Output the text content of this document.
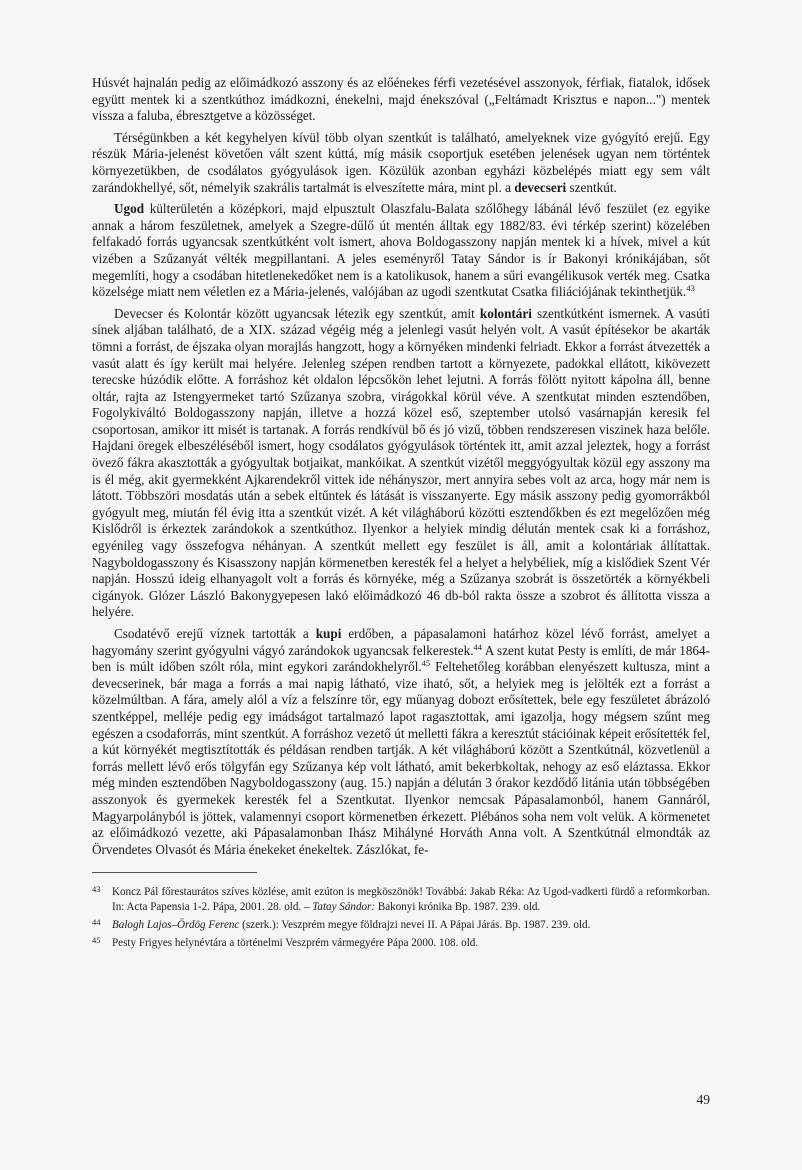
Húsvét hajnalán pedig az előimádkozó asszony és az előénekes férfi vezetésével asszonyok, férfiak, fiatalok, idősek együtt mentek ki a szentkúthoz imádkozni, énekelni, majd énekszóval („Feltámadt Krisztus e napon...") mentek vissza a faluba, ébresztgetve a közösséget.

Térségünkben a két kegyhelyen kívül több olyan szentkút is található, amelyeknek vize gyógyító erejű. Egy részük Mária-jelenést követően vált szent kúttá, míg másik csoportjuk esetében jelenések ugyan nem történtek környezetükben, de csodálatos gyógyulások igen. Közülük azonban egyházi közbelépés miatt egy sem vált zarándokhellyé, sőt, némelyik szakrális tartalmát is elveszítette mára, mint pl. a devecseri szentkút.

Ugod külterületén a középkori, majd elpusztult Olaszfalu-Balata szőlőhegy lábánál lévő feszület (ez egyike annak a három feszületnek, amelyek a Szegre-dűlő út mentén álltak egy 1882/83. évi térkép szerint) közelében felfakadó forrás ugyancsak szentkútként volt ismert, ahova Boldogasszony napján mentek ki a hívek, mivel a kút vizében a Szűzanyát vélték megpillantani. A jeles eseményről Tatay Sándor is ír Bakonyi krónikájában, sőt megemlíti, hogy a csodában hitetlenekedőket nem is a katolikusok, hanem a sűri evangélikusok verték meg. Csatka közelsége miatt nem véletlen ez a Mária-jelenés, valójában az ugodi szentkutat Csatka filiációjának tekinthetjük.$^{43}$

Devecser és Kolontár között ugyancsak létezik egy szentkút, amit kolontári szentkútként ismernek. A vasúti sínek aljában található, de a XIX. század végéig még a jelenlegi vasút helyén volt. A vasút építésekor be akarták tömni a forrást, de éjszaka olyan morajlás hangzott, hogy a környéken mindenki felriadt. Ekkor a forrást átvezették a vasút alatt és így került mai helyére. Jelenleg szépen rendben tartott a környezete, padokkal ellátott, kikövezett terecske húzódik előtte. A forráshoz két oldalon lépcsőkön lehet lejutni. A forrás fölött nyitott kápolna áll, benne oltár, rajta az Istengyermeket tartó Szűzanya szobra, virágokkal körül véve. A szentkutat minden esztendőben, Fogolykiváltó Boldogasszony napján, illetve a hozzá közel eső, szeptember utolsó vasárnapján keresik fel csoportosan, amikor itt misét is tartanak. A forrás rendkívül bő és jó vizű, többen rendszeresen viszinek haza belőle. Hajdani öregek elbeszéléséből ismert, hogy csodálatos gyógyulások történtek itt, amit azzal jeleztek, hogy a forrást övező fákra akasztották a gyógyultak botjaikat, mankóikat. A szentkút vizétől meggyógyultak közül egy asszony ma is él még, akit gyermekként Ajkarendekről vittek ide néhányszor, mert annyira sebes volt az arca, hogy már nem is látott. Többszöri mosdatás után a sebek eltűntek és látását is visszanyerte. Egy másik asszony pedig gyomorrákból gyógyult meg, miután fél évig itta a szentkút vizét. A két világháború közötti esztendőkben és ezt megelőzően még Kislődről is érkeztek zarándokok a szentkúthoz. Ilyenkor a helyiek mindig délután mentek csak ki a forráshoz, egyénileg vagy összefogva néhányan. A szentkút mellett egy feszület is áll, amit a kolontáriak állítattak. Nagyboldogasszony és Kisasszony napján körmenetben keresték fel a helyet a helybéliek, míg a kislődiek Szent Vér napján. Hosszú ideig elhanyagolt volt a forrás és környéke, még a Szűzanya szobrát is összetörték a környékbeli cigányok. Glózer László Bakonygyepesen lakó előimádkozó 46 db-ból rakta össze a szobrot és állította vissza a helyére.

Csodatévő erejű víznek tartották a kupi erdőben, a pápasalamoni határhoz közel lévő forrást, amelyet a hagyomány szerint gyógyulni vágyó zarándokok ugyancsak felkerestek.$^{44}$ A szent kutat Pesty is említi, de már 1864-ben is múlt időben szólt róla, mint egykori zarándokhelyről.$^{45}$ Feltehetőleg korábban elenyészett kultusza, mint a devecserinek, bár maga a forrás a mai napig látható, vize iható, sőt, a helyiek meg is jelölték ezt a forrást a közelmúltban. A fára, amely alól a víz a felszínre tör, egy műanyag dobozt erősítettek, bele egy feszületet ábrázoló szentképpel, melléje pedig egy imádságot tartalmazó lapot ragasztottak, ami igazolja, hogy mégsem szűnt meg egészen a csodaforrás, mint szentkút. A forráshoz vezető út melletti fákra a keresztút stációinak képeit erősítették fel, a kút környékét megtisztították és példásan rendben tartják. A két világháború között a Szentkútnál, közvetlenül a forrás mellett lévő erős tölgyfán egy Szűzanya kép volt látható, amit bekerbkoltak, nehogy az eső eláztassa. Ekkor még minden esztendőben Nagyboldogasszony (aug. 15.) napján a délután 3 órakor kezdődő litánia után többségében asszonyok és gyermekek keresték fel a Szentkutat. Ilyenkor nemcsak Pápasalamonból, hanem Gannáról, Magyarpolányból is jöttek, valamennyi csoport körmenetben érkezett. Plébános soha nem volt velük. A körmenetet az előimádkozó vezette, aki Pápasalamonban Ihász Mihályné Horváth Anna volt. A Szentkútnál elmondták az Örvendetes Olvasót és Mária énekeket énekeltek. Zászlókat, fe-

43 Koncz Pál főrestaurátos szíves közlése, amit ezúton is megköszönök! Továbbá: Jakab Réka: Az Ugod-vadkerti fürdő a reformkorban. In: Acta Papensia 1-2. Pápa, 2001. 28. old. – Tatay Sándor: Bakonyi krónika Bp. 1987. 239. old.

44 Balogh Lajos–Ördög Ferenc (szerk.): Veszprém megye földrajzi nevei II. A Pápai Járás. Bp. 1987. 239. old.

45 Pesty Frigyes helynévtára a történelmi Veszprém vármegyére Pápa 2000. 108. old.

49
